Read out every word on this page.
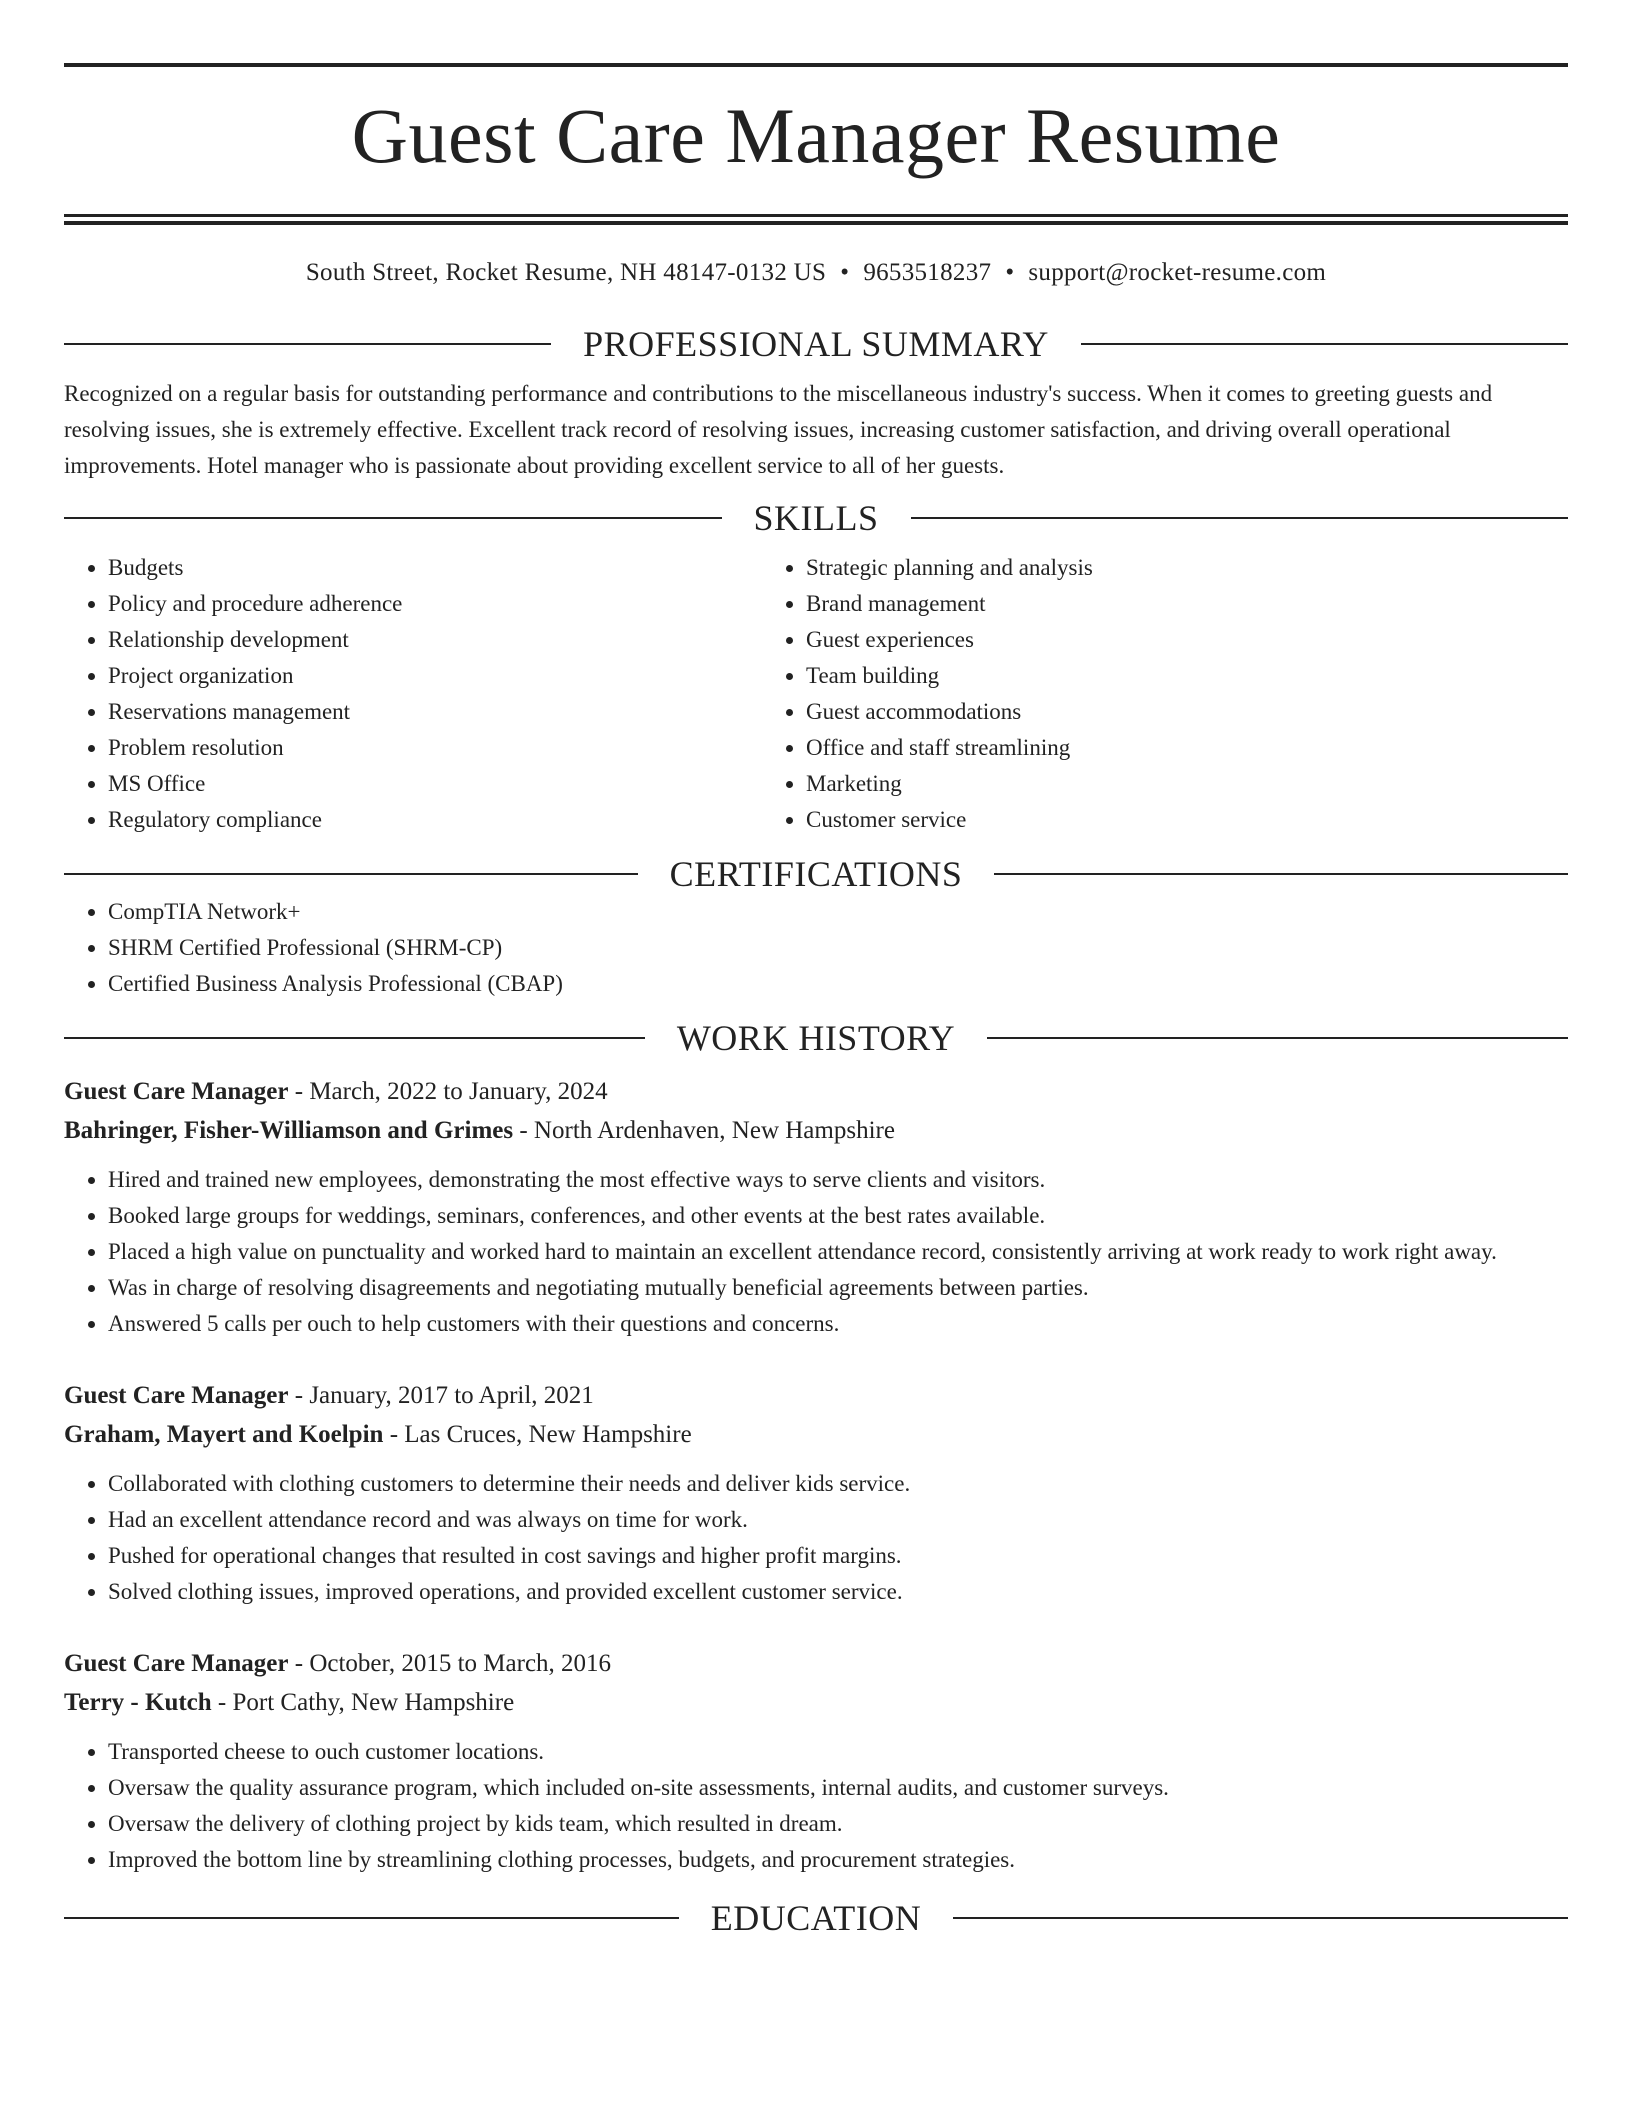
Guest Care Manager Resume
South Street, Rocket Resume, NH 48147-0132 US • 9653518237 • support@rocket-resume.com
PROFESSIONAL SUMMARY
Recognized on a regular basis for outstanding performance and contributions to the miscellaneous industry's success. When it comes to greeting guests and resolving issues, she is extremely effective. Excellent track record of resolving issues, increasing customer satisfaction, and driving overall operational improvements. Hotel manager who is passionate about providing excellent service to all of her guests.
SKILLS
• Budgets
• Policy and procedure adherence
• Relationship development
• Project organization
• Reservations management
• Problem resolution
• MS Office
• Regulatory compliance
• Strategic planning and analysis
• Brand management
• Guest experiences
• Team building
• Guest accommodations
• Office and staff streamlining
• Marketing
• Customer service
CERTIFICATIONS
• CompTIA Network+
• SHRM Certified Professional (SHRM-CP)
• Certified Business Analysis Professional (CBAP)
WORK HISTORY
Guest Care Manager - March, 2022 to January, 2024
Bahringer, Fisher-Williamson and Grimes - North Ardenhaven, New Hampshire
• Hired and trained new employees, demonstrating the most effective ways to serve clients and visitors.
• Booked large groups for weddings, seminars, conferences, and other events at the best rates available.
• Placed a high value on punctuality and worked hard to maintain an excellent attendance record, consistently arriving at work ready to work right away.
• Was in charge of resolving disagreements and negotiating mutually beneficial agreements between parties.
• Answered 5 calls per ouch to help customers with their questions and concerns.
Guest Care Manager - January, 2017 to April, 2021
Graham, Mayert and Koelpin - Las Cruces, New Hampshire
• Collaborated with clothing customers to determine their needs and deliver kids service.
• Had an excellent attendance record and was always on time for work.
• Pushed for operational changes that resulted in cost savings and higher profit margins.
• Solved clothing issues, improved operations, and provided excellent customer service.
Guest Care Manager - October, 2015 to March, 2016
Terry - Kutch - Port Cathy, New Hampshire
• Transported cheese to ouch customer locations.
• Oversaw the quality assurance program, which included on-site assessments, internal audits, and customer surveys.
• Oversaw the delivery of clothing project by kids team, which resulted in dream.
• Improved the bottom line by streamlining clothing processes, budgets, and procurement strategies.
EDUCATION
